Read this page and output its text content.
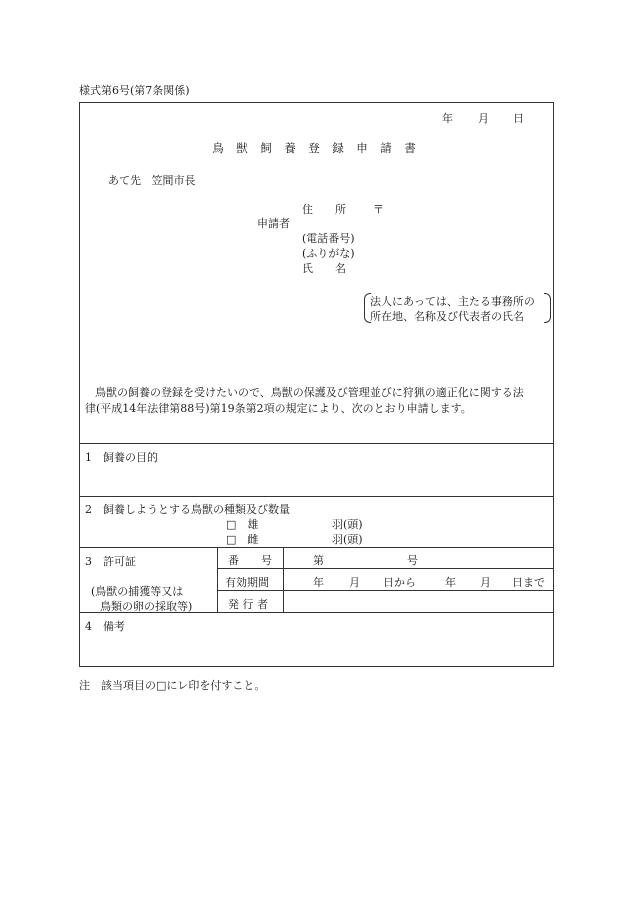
様式第6号(第7条関係)
年 月 日
鳥 獣 飼 養 登 録 申 請 書
あて先 笠間市長
住　　所 〒
申請者
(電話番号)
(ふりがな)
氏　　名
法人にあっては、主たる事務所の
所在地、名称及び代表者の氏名
鳥獣の飼養の登録を受けたいので、鳥獣の保護及び管理並びに狩猟の適正化に関する法
律(平成14年法律第88号)第19条第2項の規定により、次のとおり申請します。
1　飼養の目的
2　飼養しようとする鳥獣の種類及び数量
□　雄	羽(頭)
□　雌	羽(頭)
3　許可証
(鳥獣の捕獲等又は
鳥類の卵の採取等)
番　　号	第	号
有効期間	年 月 日から	年 月 日まで
発 行 者
4　備考
注　該当項目の□にレ印を付すこと。
